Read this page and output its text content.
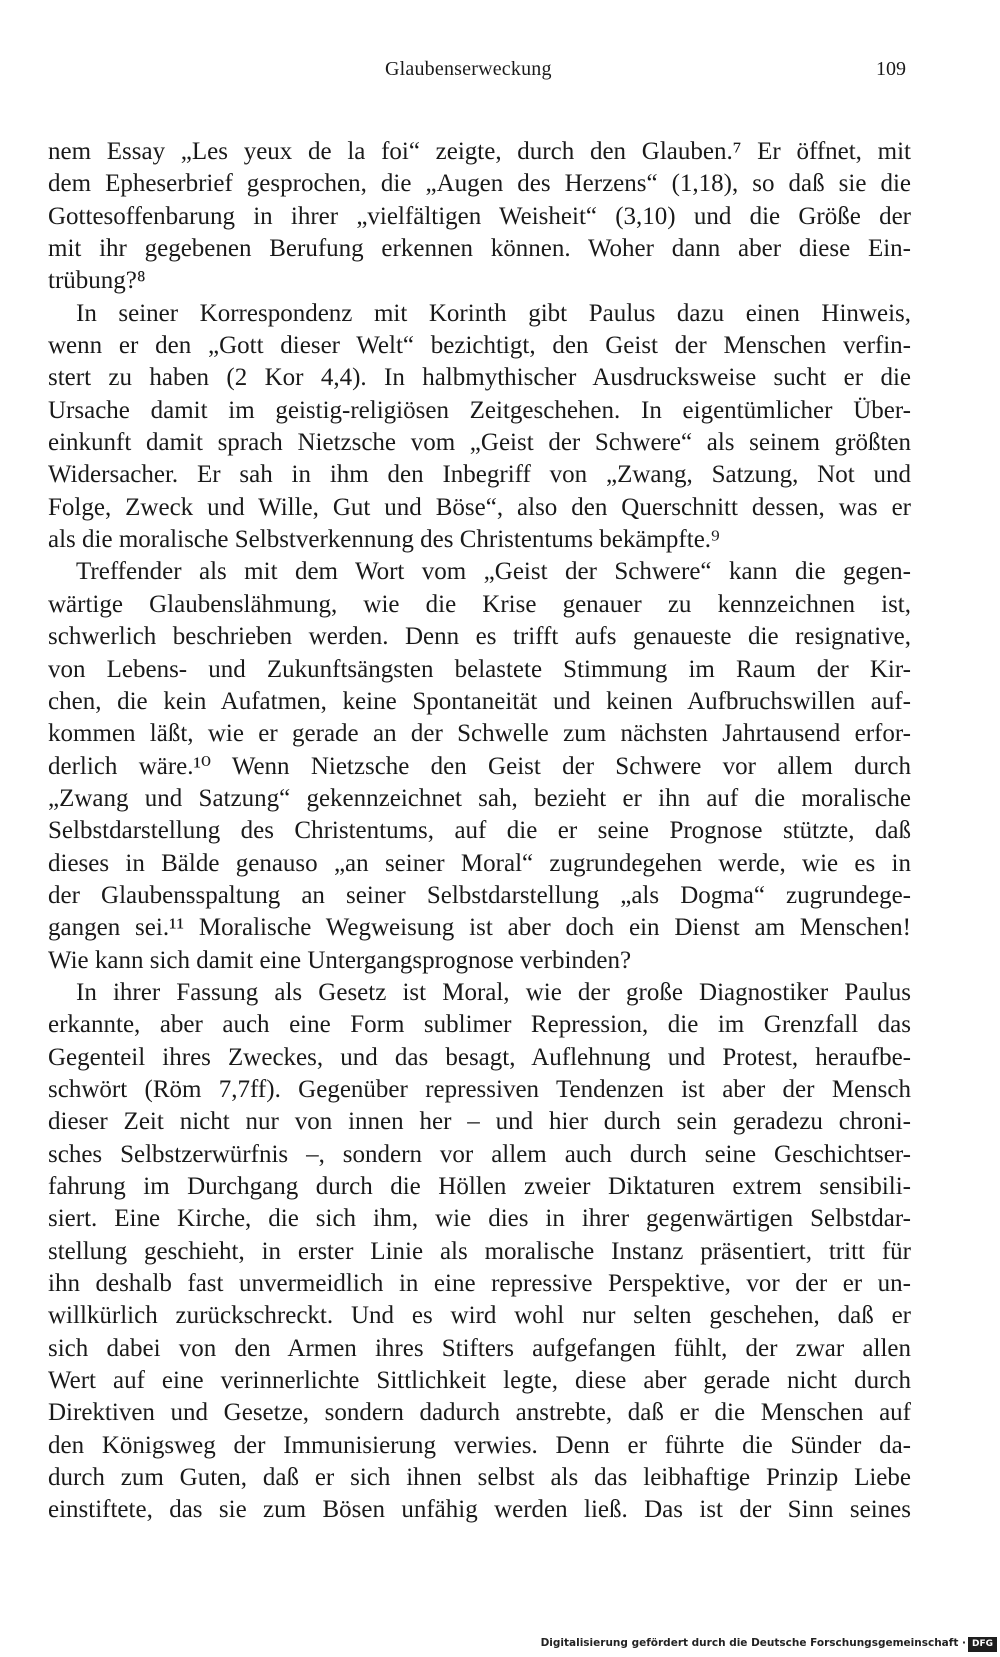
Glaubenserweckung	109
nem Essay „Les yeux de la foi“ zeigte, durch den Glauben.⁷ Er öffnet, mit
dem Epheserbrief gesprochen, die „Augen des Herzens“ (1,18), so daß sie die
Gottesoffenbarung in ihrer „vielfältigen Weisheit“ (3,10) und die Größe der
mit ihr gegebenen Berufung erkennen können. Woher dann aber diese Ein-
trübung?⁸
In seiner Korrespondenz mit Korinth gibt Paulus dazu einen Hinweis,
wenn er den „Gott dieser Welt“ bezichtigt, den Geist der Menschen verfin-
stert zu haben (2 Kor 4,4). In halbmythischer Ausdrucksweise sucht er die
Ursache damit im geistig-religiösen Zeitgeschehen. In eigentümlicher Über-
einkunft damit sprach Nietzsche vom „Geist der Schwere“ als seinem größten
Widersacher. Er sah in ihm den Inbegriff von „Zwang, Satzung, Not und
Folge, Zweck und Wille, Gut und Böse“, also den Querschnitt dessen, was er
als die moralische Selbstverkennung des Christentums bekämpfte.⁹
Treffender als mit dem Wort vom „Geist der Schwere“ kann die gegen-
wärtige Glaubenslähmung, wie die Krise genauer zu kennzeichnen ist,
schwerlich beschrieben werden. Denn es trifft aufs genaueste die resignative,
von Lebens- und Zukunftsängsten belastete Stimmung im Raum der Kir-
chen, die kein Aufatmen, keine Spontaneität und keinen Aufbruchswillen auf-
kommen läßt, wie er gerade an der Schwelle zum nächsten Jahrtausend erfor-
derlich wäre.¹⁰ Wenn Nietzsche den Geist der Schwere vor allem durch
„Zwang und Satzung“ gekennzeichnet sah, bezieht er ihn auf die moralische
Selbstdarstellung des Christentums, auf die er seine Prognose stützte, daß
dieses in Bälde genauso „an seiner Moral“ zugrundegehen werde, wie es in
der Glaubensspaltung an seiner Selbstdarstellung „als Dogma“ zugrundege-
gangen sei.¹¹ Moralische Wegweisung ist aber doch ein Dienst am Menschen!
Wie kann sich damit eine Untergangsprognose verbinden?
In ihrer Fassung als Gesetz ist Moral, wie der große Diagnostiker Paulus
erkannte, aber auch eine Form sublimer Repression, die im Grenzfall das
Gegenteil ihres Zweckes, und das besagt, Auflehnung und Protest, heraufbe-
schwört (Röm 7,7ff). Gegenüber repressiven Tendenzen ist aber der Mensch
dieser Zeit nicht nur von innen her – und hier durch sein geradezu chroni-
sches Selbstzerwürfnis –, sondern vor allem auch durch seine Geschichtser-
fahrung im Durchgang durch die Höllen zweier Diktaturen extrem sensibili-
siert. Eine Kirche, die sich ihm, wie dies in ihrer gegenwärtigen Selbstdar-
stellung geschieht, in erster Linie als moralische Instanz präsentiert, tritt für
ihn deshalb fast unvermeidlich in eine repressive Perspektive, vor der er un-
willkürlich zurückschreckt. Und es wird wohl nur selten geschehen, daß er
sich dabei von den Armen ihres Stifters aufgefangen fühlt, der zwar allen
Wert auf eine verinnerlichte Sittlichkeit legte, diese aber gerade nicht durch
Direktiven und Gesetze, sondern dadurch anstrebte, daß er die Menschen auf
den Königsweg der Immunisierung verwies. Denn er führte die Sünder da-
durch zum Guten, daß er sich ihnen selbst als das leibhaftige Prinzip Liebe
einstiftete, das sie zum Bösen unfähig werden ließ. Das ist der Sinn seines
Digitalisierung gefördert durch die Deutsche Forschungsgemeinschaft · DFG
